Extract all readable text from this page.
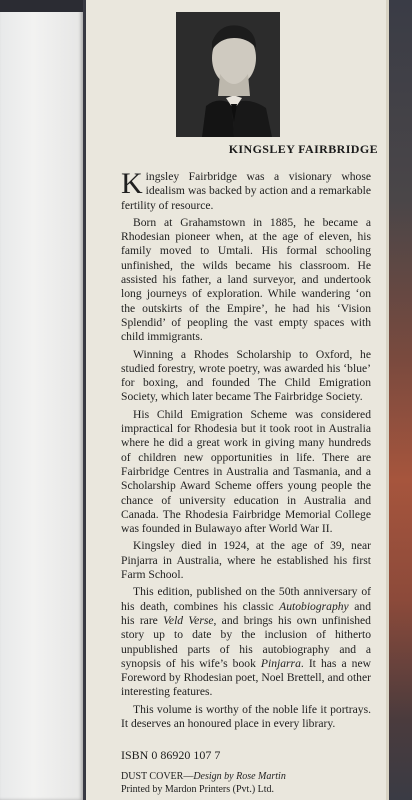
KINGSLEY FAIRBRIDGE

Kingsley Fairbridge was a visionary whose idealism was backed by action and a remarkable fertility of resource.

Born at Grahamstown in 1885, he became a Rhodesian pioneer when, at the age of eleven, his family moved to Umtali. His formal schooling unfinished, the wilds became his classroom. He assisted his father, a land surveyor, and undertook long journeys of exploration. While wandering ‘on the outskirts of the Empire’, he had his ‘Vision Splendid’ of peopling the vast empty spaces with child immigrants.

Winning a Rhodes Scholarship to Oxford, he studied forestry, wrote poetry, was awarded his ‘blue’ for boxing, and founded The Child Emigration Society, which later became The Fairbridge Society.

His Child Emigration Scheme was considered impractical for Rhodesia but it took root in Australia where he did a great work in giving many hundreds of children new opportunities in life. There are Fairbridge Centres in Australia and Tasmania, and a Scholarship Award Scheme offers young people the chance of university education in Australia and Canada. The Rhodesia Fairbridge Memorial College was founded in Bulawayo after World War II.

Kingsley died in 1924, at the age of 39, near Pinjarra in Australia, where he established his first Farm School.

This edition, published on the 50th anniversary of his death, combines his classic Autobiography and his rare Veld Verse, and brings his own unfinished story up to date by the inclusion of hitherto unpublished parts of his autobiography and a synopsis of his wife’s book Pinjarra. It has a new Foreword by Rhodesian poet, Noel Brettell, and other interesting features.

This volume is worthy of the noble life it portrays. It deserves an honoured place in every library.

ISBN 0 86920 107 7
DUST COVER—Design by Rose Martin
Printed by Mardon Printers (Pvt.) Ltd.
